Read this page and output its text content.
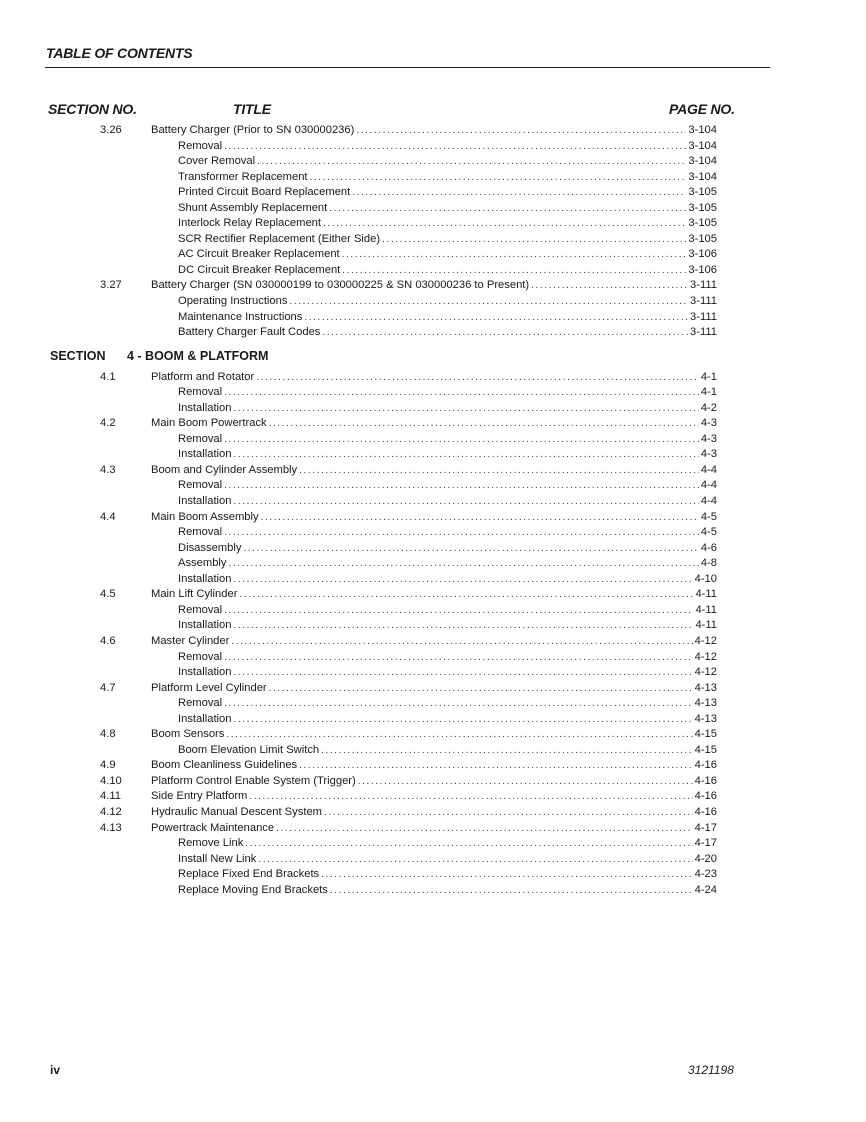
TABLE OF CONTENTS
SECTION NO.	TITLE	PAGE NO.
3.26	Battery Charger (Prior to SN 030000236) .....	3-104
Removal .....	3-104
Cover Removal .....	3-104
Transformer Replacement .....	3-104
Printed Circuit Board Replacement .....	3-105
Shunt Assembly Replacement .....	3-105
Interlock Relay Replacement .....	3-105
SCR Rectifier Replacement (Either Side) .....	3-105
AC Circuit Breaker Replacement .....	3-106
DC Circuit Breaker Replacement .....	3-106
3.27	Battery Charger (SN 030000199 to 030000225 & SN 030000236 to Present) .....	3-111
Operating Instructions .....	3-111
Maintenance Instructions .....	3-111
Battery Charger Fault Codes .....	3-111
SECTION 4 - BOOM & PLATFORM
4.1	Platform and Rotator .....	4-1
Removal .....	4-1
Installation .....	4-2
4.2	Main Boom Powertrack .....	4-3
Removal .....	4-3
Installation .....	4-3
4.3	Boom and Cylinder Assembly .....	4-4
Removal .....	4-4
Installation .....	4-4
4.4	Main Boom Assembly .....	4-5
Removal .....	4-5
Disassembly .....	4-6
Assembly .....	4-8
Installation .....	4-10
4.5	Main Lift Cylinder .....	4-11
Removal .....	4-11
Installation .....	4-11
4.6	Master Cylinder .....	4-12
Removal .....	4-12
Installation .....	4-12
4.7	Platform Level Cylinder .....	4-13
Removal .....	4-13
Installation .....	4-13
4.8	Boom Sensors .....	4-15
Boom Elevation Limit Switch .....	4-15
4.9	Boom Cleanliness Guidelines .....	4-16
4.10	Platform Control Enable System (Trigger) .....	4-16
4.11	Side Entry Platform .....	4-16
4.12	Hydraulic Manual Descent System .....	4-16
4.13	Powertrack Maintenance .....	4-17
Remove Link .....	4-17
Install New Link .....	4-20
Replace Fixed End Brackets .....	4-23
Replace Moving End Brackets .....	4-24
iv	3121198
